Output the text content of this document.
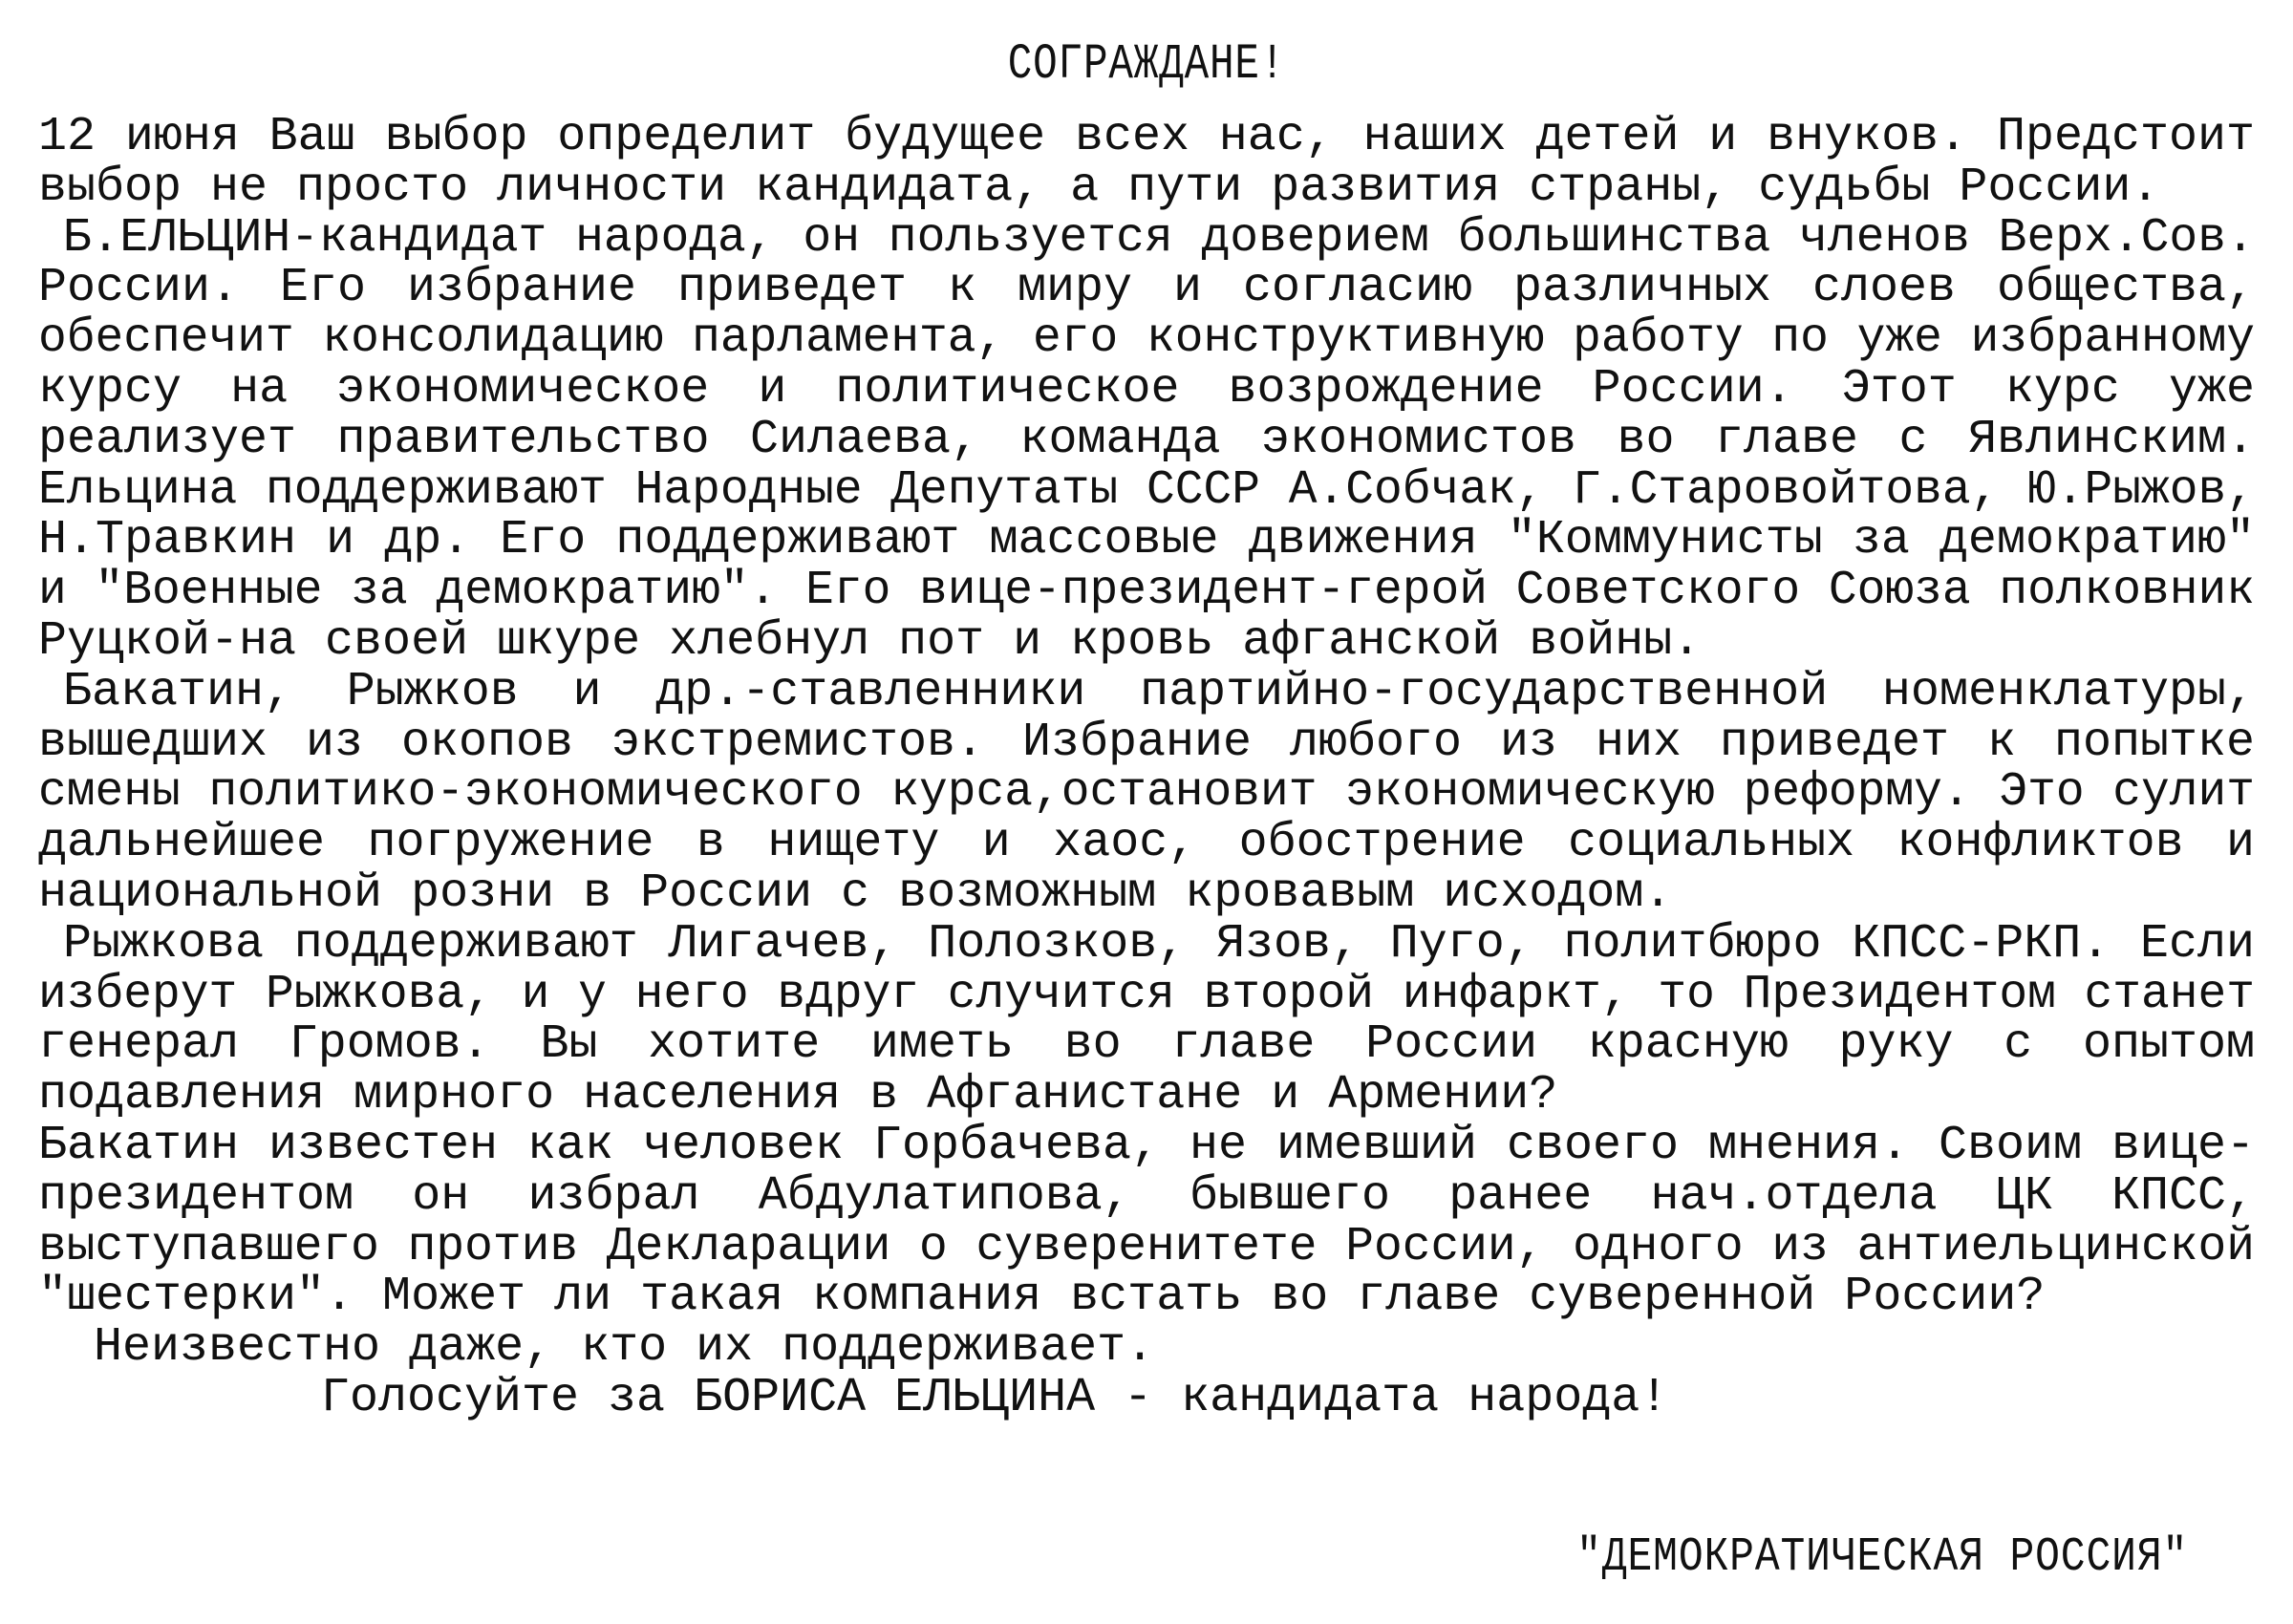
СОГРАЖДАНЕ!
12 июня Ваш выбор определит будущее всех нас, наших детей и внуков. Предстоит
выбор не просто личности кандидата, а пути развития страны, судьбы России.
Б.ЕЛЬЦИН-кандидат народа, он пользуется доверием большинства членов Верх.Сов.
России. Его избрание приведет к миру и согласию различных слоев общества,
обеспечит консолидацию парламента, его конструктивную работу по уже избранному
курсу на экономическое и политическое возрождение России. Этот курс уже
реализует правительство Силаева, команда экономистов во главе с Явлинским.
Ельцина поддерживают Народные Депутаты СССР А.Собчак, Г.Старовойтова, Ю.Рыжов,
Н.Травкин и др. Его поддерживают массовые движения "Коммунисты за демократию"
и "Военные за демократию". Его вице-президент-герой Советского Союза полковник
Руцкой-на своей шкуре хлебнул пот и кровь афганской войны.
Бакатин, Рыжков и др.-ставленники партийно-государственной номенклатуры,
вышедших из окопов экстремистов. Избрание любого из них приведет к попытке
смены политико-экономического курса,остановит экономическую реформу. Это сулит
дальнейшее погружение в нищету и хаос, обострение социальных конфликтов и
национальной розни в России с возможным кровавым исходом.
Рыжкова поддерживают Лигачев, Полозков, Язов, Пуго, политбюро КПСС-РКП. Если
изберут Рыжкова, и у него вдруг случится второй инфаркт, то Президентом станет
генерал Громов. Вы хотите иметь во главе России красную руку с опытом
подавления мирного населения в Афганистане и Армении?
Бакатин известен как человек Горбачева, не имевший своего мнения. Своим вице-
президентом он избрал Абдулатипова, бывшего ранее нач.отдела ЦК КПСС,
выступавшего против Декларации о суверенитете России, одного из антиельцинской
"шестерки". Может ли такая компания встать во главе суверенной России?
Неизвестно даже, кто их поддерживает.
Голосуйте за БОРИСА ЕЛЬЦИНА - кандидата народа!
"ДЕМОКРАТИЧЕСКАЯ РОССИЯ"
